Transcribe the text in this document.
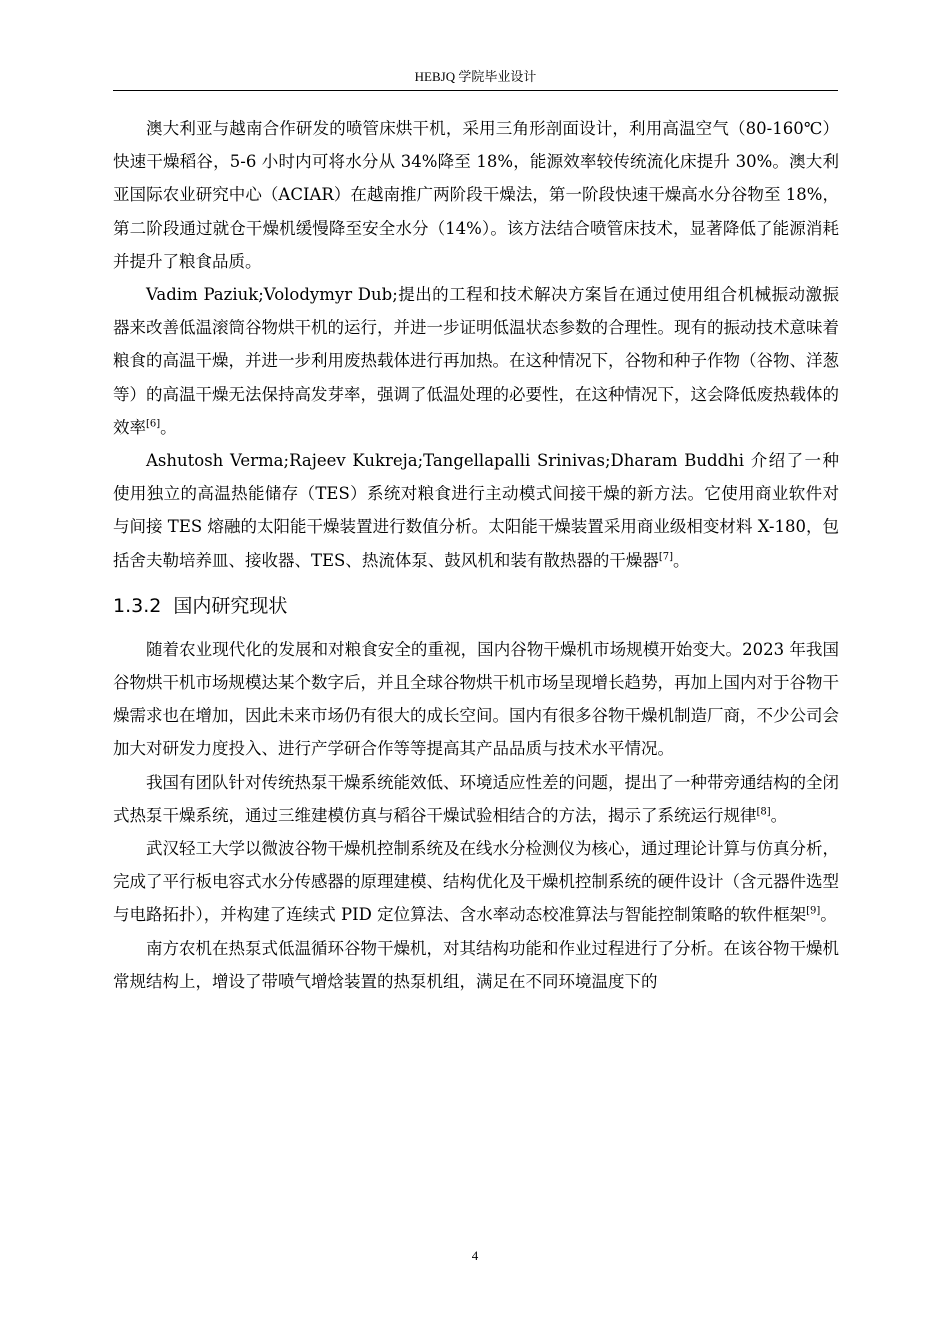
HEBJQ 学院毕业设计

澳大利亚与越南合作研发的喷管床烘干机，采用三角形剖面设计，利用高温空气（80-160℃）快速干燥稻谷，5-6 小时内可将水分从 34%降至 18%，能源效率较传统流化床提升 30%。澳大利亚国际农业研究中心（ACIAR）在越南推广两阶段干燥法，第一阶段快速干燥高水分谷物至 18%，第二阶段通过就仓干燥机缓慢降至安全水分（14%）。该方法结合喷管床技术，显著降低了能源消耗并提升了粮食品质。

Vadim Paziuk;Volodymyr Dub;提出的工程和技术解决方案旨在通过使用组合机械振动激振器来改善低温滚筒谷物烘干机的运行，并进一步证明低温状态参数的合理性。现有的振动技术意味着粮食的高温干燥，并进一步利用废热载体进行再加热。在这种情况下，谷物和种子作物（谷物、洋葱等）的高温干燥无法保持高发芽率，强调了低温处理的必要性，在这种情况下，这会降低废热载体的效率[6]。

Ashutosh Verma;Rajeev Kukreja;Tangellapalli Srinivas;Dharam Buddhi 介绍了一种使用独立的高温热能储存（TES）系统对粮食进行主动模式间接干燥的新方法。它使用商业软件对与间接 TES 熔融的太阳能干燥装置进行数值分析。太阳能干燥装置采用商业级相变材料 X-180，包括舍夫勒培养皿、接收器、TES、热流体泵、鼓风机和装有散热器的干燥器[7]。

1.3.2 国内研究现状

随着农业现代化的发展和对粮食安全的重视，国内谷物干燥机市场规模开始变大。2023 年我国谷物烘干机市场规模达某个数字后，并且全球谷物烘干机市场呈现增长趋势，再加上国内对于谷物干燥需求也在增加，因此未来市场仍有很大的成长空间。国内有很多谷物干燥机制造厂商，不少公司会加大对研发力度投入、进行产学研合作等等提高其产品品质与技术水平情况。

我国有团队针对传统热泵干燥系统能效低、环境适应性差的问题，提出了一种带旁通结构的全闭式热泵干燥系统，通过三维建模仿真与稻谷干燥试验相结合的方法，揭示了系统运行规律[8]。

武汉轻工大学以微波谷物干燥机控制系统及在线水分检测仪为核心，通过理论计算与仿真分析，完成了平行板电容式水分传感器的原理建模、结构优化及干燥机控制系统的硬件设计（含元器件选型与电路拓扑），并构建了连续式 PID 定位算法、含水率动态校准算法与智能控制策略的软件框架[9]。

南方农机在热泵式低温循环谷物干燥机，对其结构功能和作业过程进行了分析。在该谷物干燥机常规结构上，增设了带喷气增焓装置的热泵机组，满足在不同环境温度下的

4
